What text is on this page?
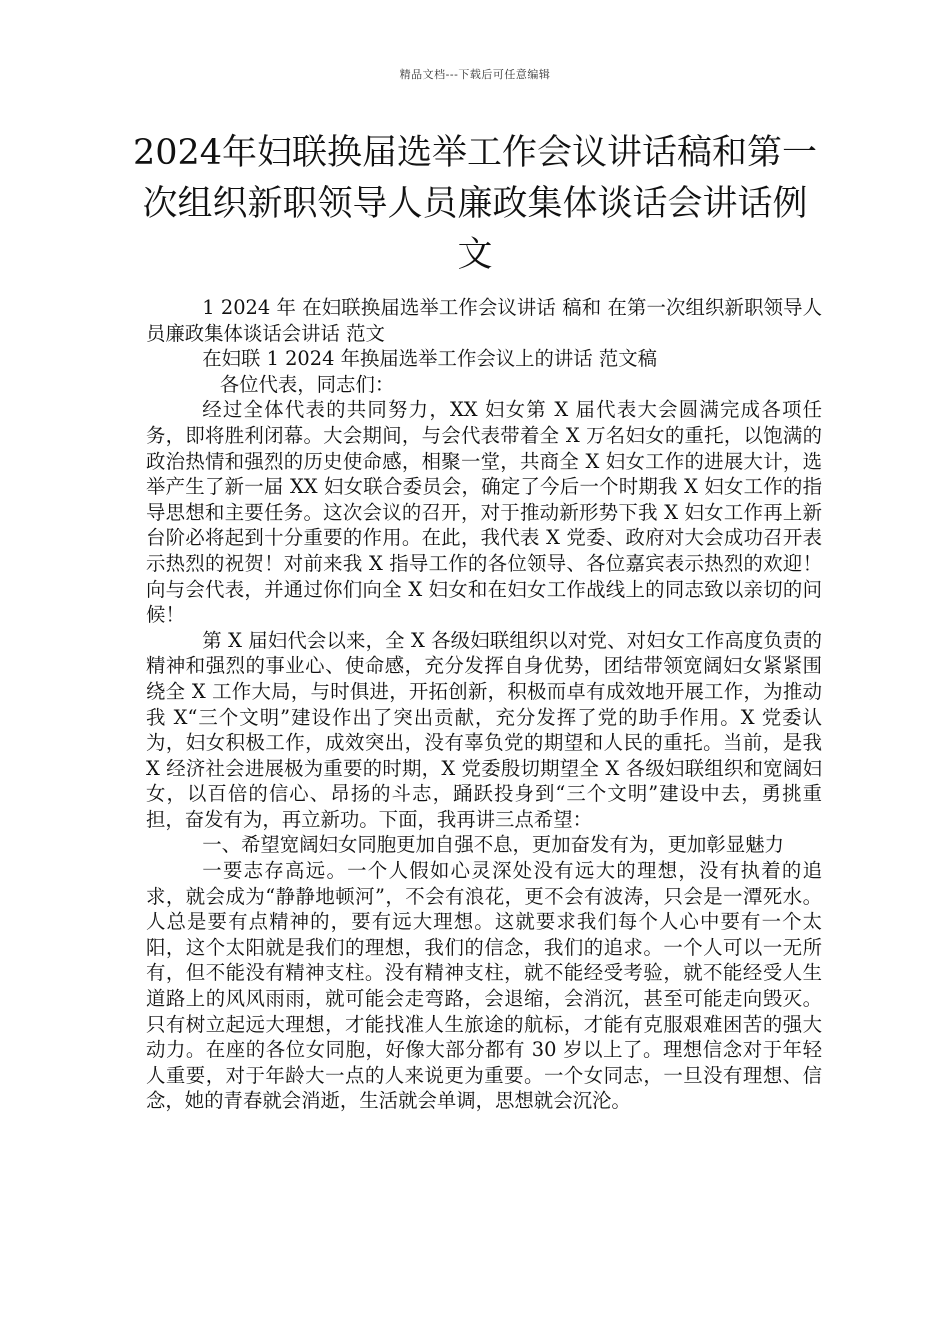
精品文档---下载后可任意编辑
2024年妇联换届选举工作会议讲话稿和第一次组织新职领导人员廉政集体谈话会讲话例文

1 2024 年 在妇联换届选举工作会议讲话 稿和 在第一次组织新职领导人员廉政集体谈话会讲话 范文

在妇联 1 2024 年换届选举工作会议上的讲话 范文稿

各位代表，同志们：

经过全体代表的共同努力，XX 妇女第 X 届代表大会圆满完成各项任务，即将胜利闭幕。大会期间，与会代表带着全 X 万名妇女的重托，以饱满的政治热情和强烈的历史使命感，相聚一堂，共商全 X 妇女工作的进展大计，选举产生了新一届 XX 妇女联合委员会，确定了今后一个时期我 X 妇女工作的指导思想和主要任务。这次会议的召开，对于推动新形势下我 X 妇女工作再上新台阶必将起到十分重要的作用。在此，我代表 X 党委、政府对大会成功召开表示热烈的祝贺！对前来我 X 指导工作的各位领导、各位嘉宾表示热烈的欢迎！向与会代表，并通过你们向全 X 妇女和在妇女工作战线上的同志致以亲切的问候！

第 X 届妇代会以来，全 X 各级妇联组织以对党、对妇女工作高度负责的精神和强烈的事业心、使命感，充分发挥自身优势，团结带领宽阔妇女紧紧围绕全 X 工作大局，与时俱进，开拓创新，积极而卓有成效地开展工作，为推动我 X“三个文明”建设作出了突出贡献，充分发挥了党的助手作用。X 党委认为，妇女积极工作，成效突出，没有辜负党的期望和人民的重托。当前，是我 X 经济社会进展极为重要的时期，X 党委殷切期望全 X 各级妇联组织和宽阔妇女，以百倍的信心、昂扬的斗志，踊跃投身到“三个文明”建设中去，勇挑重担，奋发有为，再立新功。下面，我再讲三点希望：

一、希望宽阔妇女同胞更加自强不息，更加奋发有为，更加彰显魅力

一要志存高远。一个人假如心灵深处没有远大的理想，没有执着的追求，就会成为“静静地顿河”，不会有浪花，更不会有波涛，只会是一潭死水。人总是要有点精神的，要有远大理想。这就要求我们每个人心中要有一个太阳，这个太阳就是我们的理想，我们的信念，我们的追求。一个人可以一无所有，但不能没有精神支柱。没有精神支柱，就不能经受考验，就不能经受人生道路上的风风雨雨，就可能会走弯路，会退缩，会消沉，甚至可能走向毁灭。只有树立起远大理想，才能找准人生旅途的航标，才能有克服艰难困苦的强大动力。在座的各位女同胞，好像大部分都有 30 岁以上了。理想信念对于年轻人重要，对于年龄大一点的人来说更为重要。一个女同志，一旦没有理想、信念，她的青春就会消逝，生活就会单调，思想就会沉沦。
